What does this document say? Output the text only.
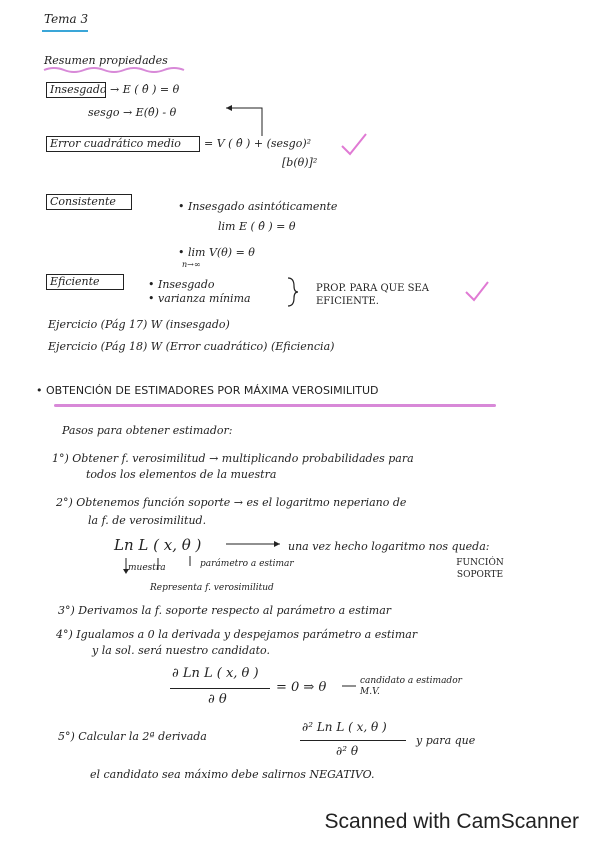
Tema 3
Resumen propiedades
Insesgado → E ( θ̂ ) = θ
sesgo → E(θ̂) - θ
Error cuadrático medio = V ( θ̂ ) + (sesgo)²
[b(θ)]²
Consistente	• Insesgado asintóticamente
lim E ( θ̂ ) = θ
• lim V(θ) = θ
n→∞
Eficiente	• Insesgado
• varianza mínima
PROP. PARA QUE SEA EFICIENTE.
Ejercicio (Pág 17) W (insesgado)
Ejercicio (Pág 18) W (Error cuadrático) (Eficiencia)
• OBTENCIÓN DE ESTIMADORES POR MÁXIMA VEROSIMILITUD
Pasos para obtener estimador:
1°) Obtener f. verosimilitud → multiplicando probabilidades para
todos los elementos de la muestra
2°) Obtenemos función soporte → es el logaritmo neperiano de
la f. de verosimilitud.
Ln L ( x, θ )	una vez hecho logaritmo nos queda:
muestra	parámetro a estimar	FUNCIÓN SOPORTE
Representa f. verosimilitud
3°) Derivamos la f. soporte respecto al parámetro a estimar
4°) Igualamos a 0 la derivada y despejamos parámetro a estimar
y la sol. será nuestro candidato.
∂ Ln L ( x, θ )
∂ θ
= 0 ⇒ θ	candidato a estimador M.V.
5°) Calcular la 2ª derivada
∂² Ln L ( x, θ )
∂² θ
y para que
el candidato sea máximo debe salirnos NEGATIVO.
Scanned with CamScanner
